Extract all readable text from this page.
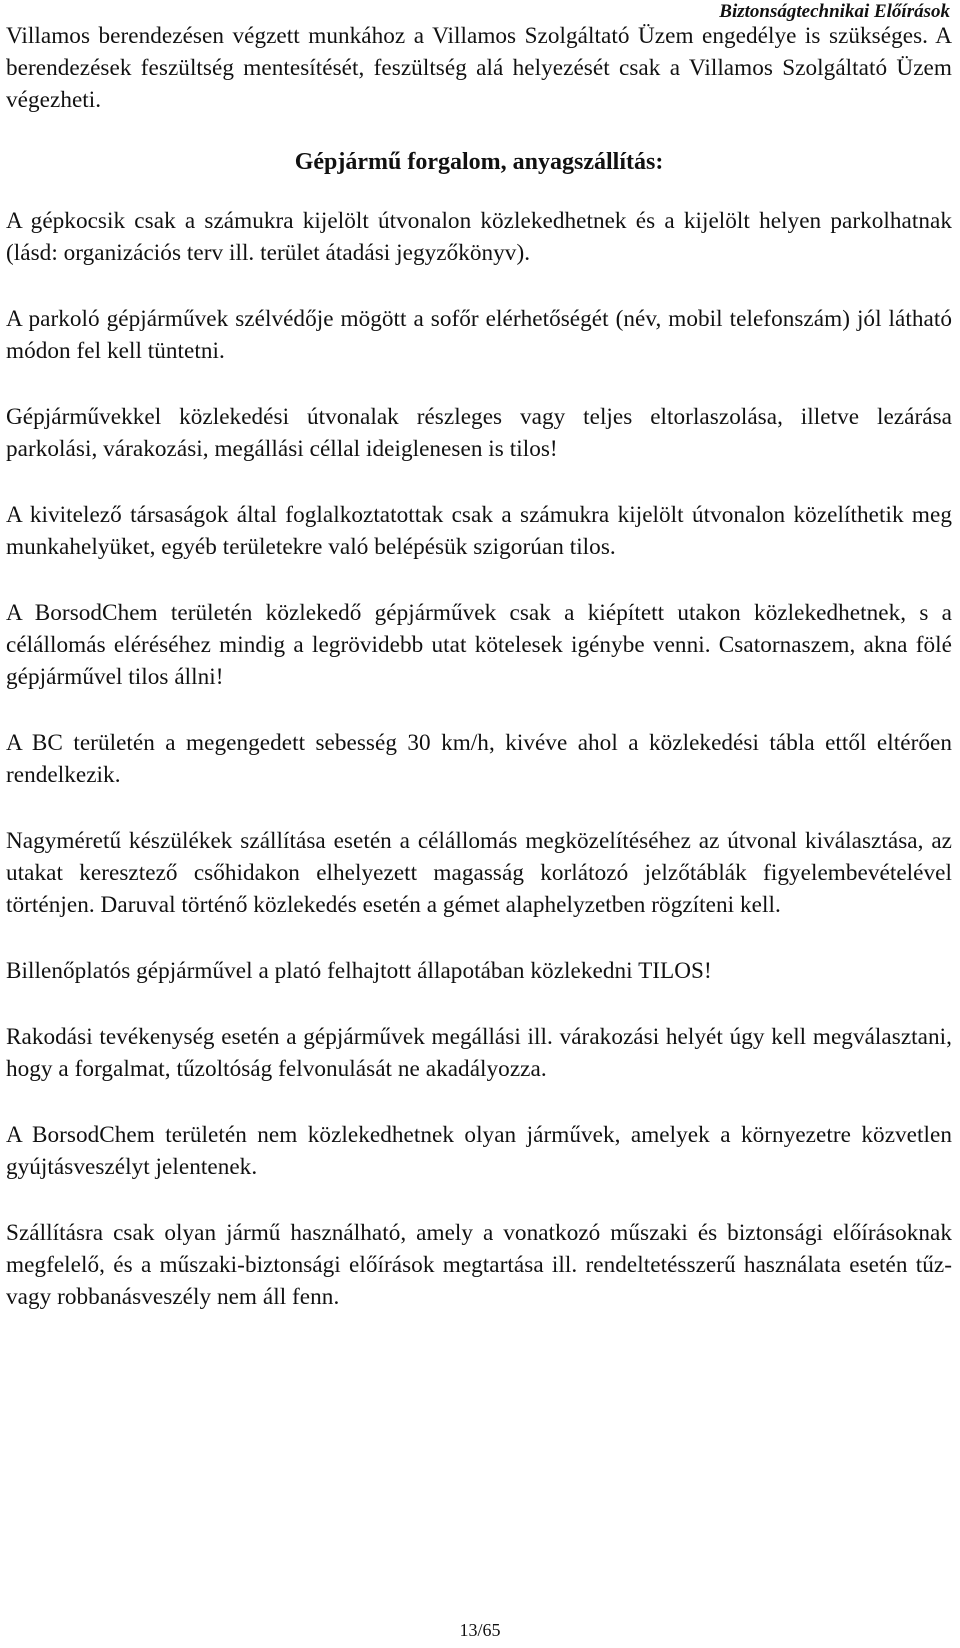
Biztonságtechnikai Előírások

Villamos berendezésen végzett munkához a Villamos Szolgáltató Üzem engedélye is szükséges. A berendezések feszültség mentesítését, feszültség alá helyezését csak a Villamos Szolgáltató Üzem végezheti.

Gépjármű forgalom, anyagszállítás:

A gépkocsik csak a számukra kijelölt útvonalon közlekedhetnek és a kijelölt helyen parkolhatnak (lásd: organizációs terv ill. terület átadási jegyzőkönyv).

A parkoló gépjárművek szélvédője mögött a sofőr elérhetőségét (név, mobil telefonszám) jól látható módon fel kell tüntetni.

Gépjárművekkel közlekedési útvonalak részleges vagy teljes eltorlaszolása, illetve lezárása parkolási, várakozási, megállási céllal ideiglenesen is tilos!

A kivitelező társaságok által foglalkoztatottak csak a számukra kijelölt útvonalon közelíthetik meg munkahelyüket, egyéb területekre való belépésük szigorúan tilos.

A BorsodChem területén közlekedő gépjárművek csak a kiépített utakon közlekedhetnek, s a célállomás eléréséhez mindig a legrövidebb utat kötelesek igénybe venni. Csatornaszem, akna fölé gépjárművel tilos állni!

A BC területén a megengedett sebesség 30 km/h, kivéve ahol a közlekedési tábla ettől eltérően rendelkezik.

Nagyméretű készülékek szállítása esetén a célállomás megközelítéséhez az útvonal kiválasztása, az utakat keresztező csőhidakon elhelyezett magasság korlátozó jelzőtáblák figyelembevételével történjen. Daruval történő közlekedés esetén a gémet alaphelyzetben rögzíteni kell.

Billenőplatós gépjárművel a plató felhajtott állapotában közlekedni TILOS!

Rakodási tevékenység esetén a gépjárművek megállási ill. várakozási helyét úgy kell megválasztani, hogy a forgalmat, tűzoltóság felvonulását ne akadályozza.

A BorsodChem területén nem közlekedhetnek olyan járművek, amelyek a környezetre közvetlen gyújtásveszélyt jelentenek.

Szállításra csak olyan jármű használható, amely a vonatkozó műszaki és biztonsági előírásoknak megfelelő, és a műszaki-biztonsági előírások megtartása ill. rendeltetésszerű használata esetén tűz- vagy robbanásveszély nem áll fenn.

13/65
